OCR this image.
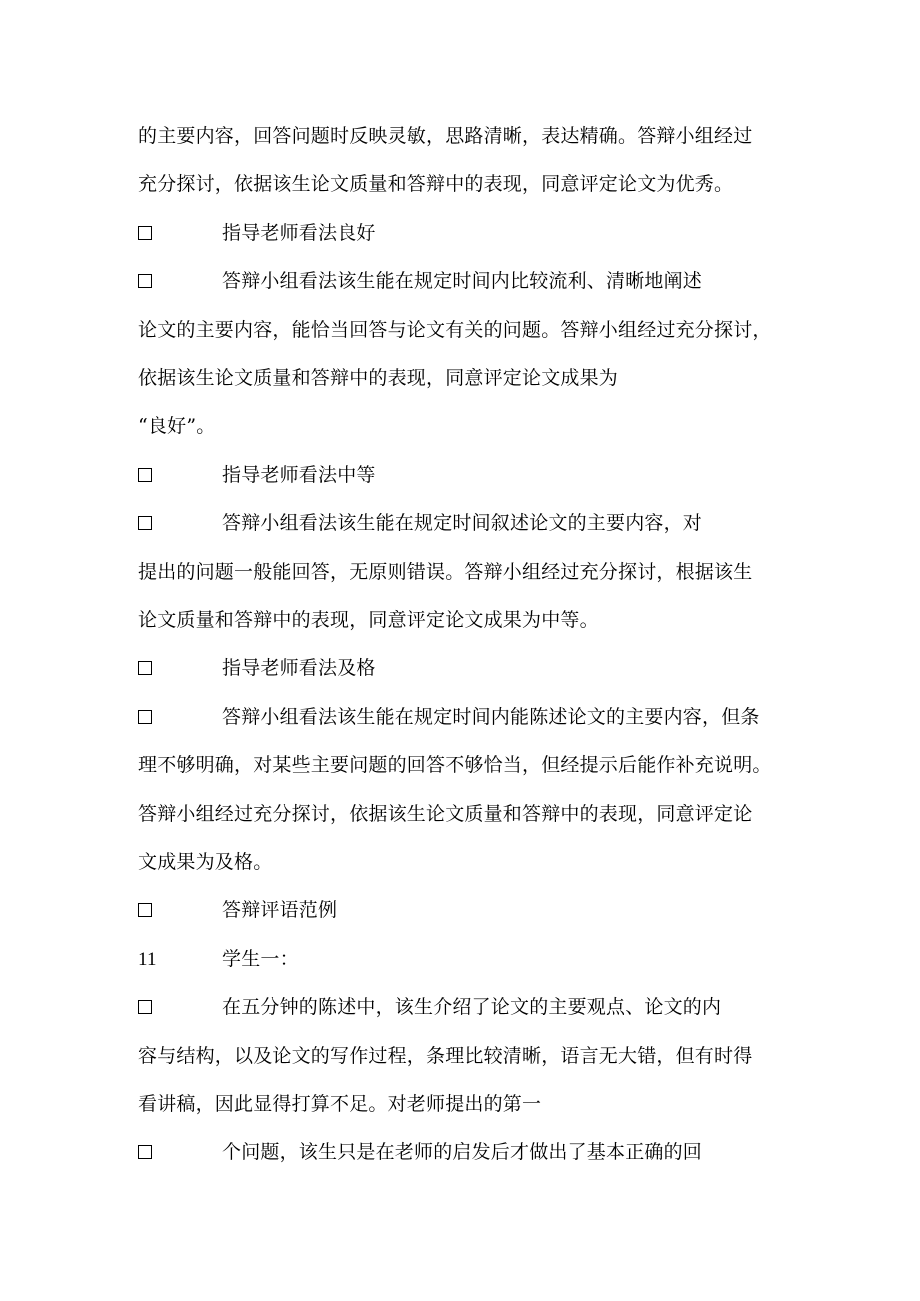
的主要内容，回答问题时反映灵敏，思路清晰，表达精确。答辩小组经过
充分探讨，依据该生论文质量和答辩中的表现，同意评定论文为优秀。
指导老师看法良好
答辩小组看法该生能在规定时间内比较流利、清晰地阐述
论文的主要内容，能恰当回答与论文有关的问题。答辩小组经过充分探讨，
依据该生论文质量和答辩中的表现，同意评定论文成果为
“良好”。
指导老师看法中等
答辩小组看法该生能在规定时间叙述论文的主要内容，对
提出的问题一般能回答，无原则错误。答辩小组经过充分探讨，根据该生
论文质量和答辩中的表现，同意评定论文成果为中等。
指导老师看法及格
答辩小组看法该生能在规定时间内能陈述论文的主要内容，但条
理不够明确，对某些主要问题的回答不够恰当，但经提示后能作补充说明。
答辩小组经过充分探讨，依据该生论文质量和答辩中的表现，同意评定论
文成果为及格。
答辩评语范例
11	学生一：
在五分钟的陈述中，该生介绍了论文的主要观点、论文的内
容与结构，以及论文的写作过程，条理比较清晰，语言无大错，但有时得
看讲稿，因此显得打算不足。对老师提出的第一
个问题，该生只是在老师的启发后才做出了基本正确的回
